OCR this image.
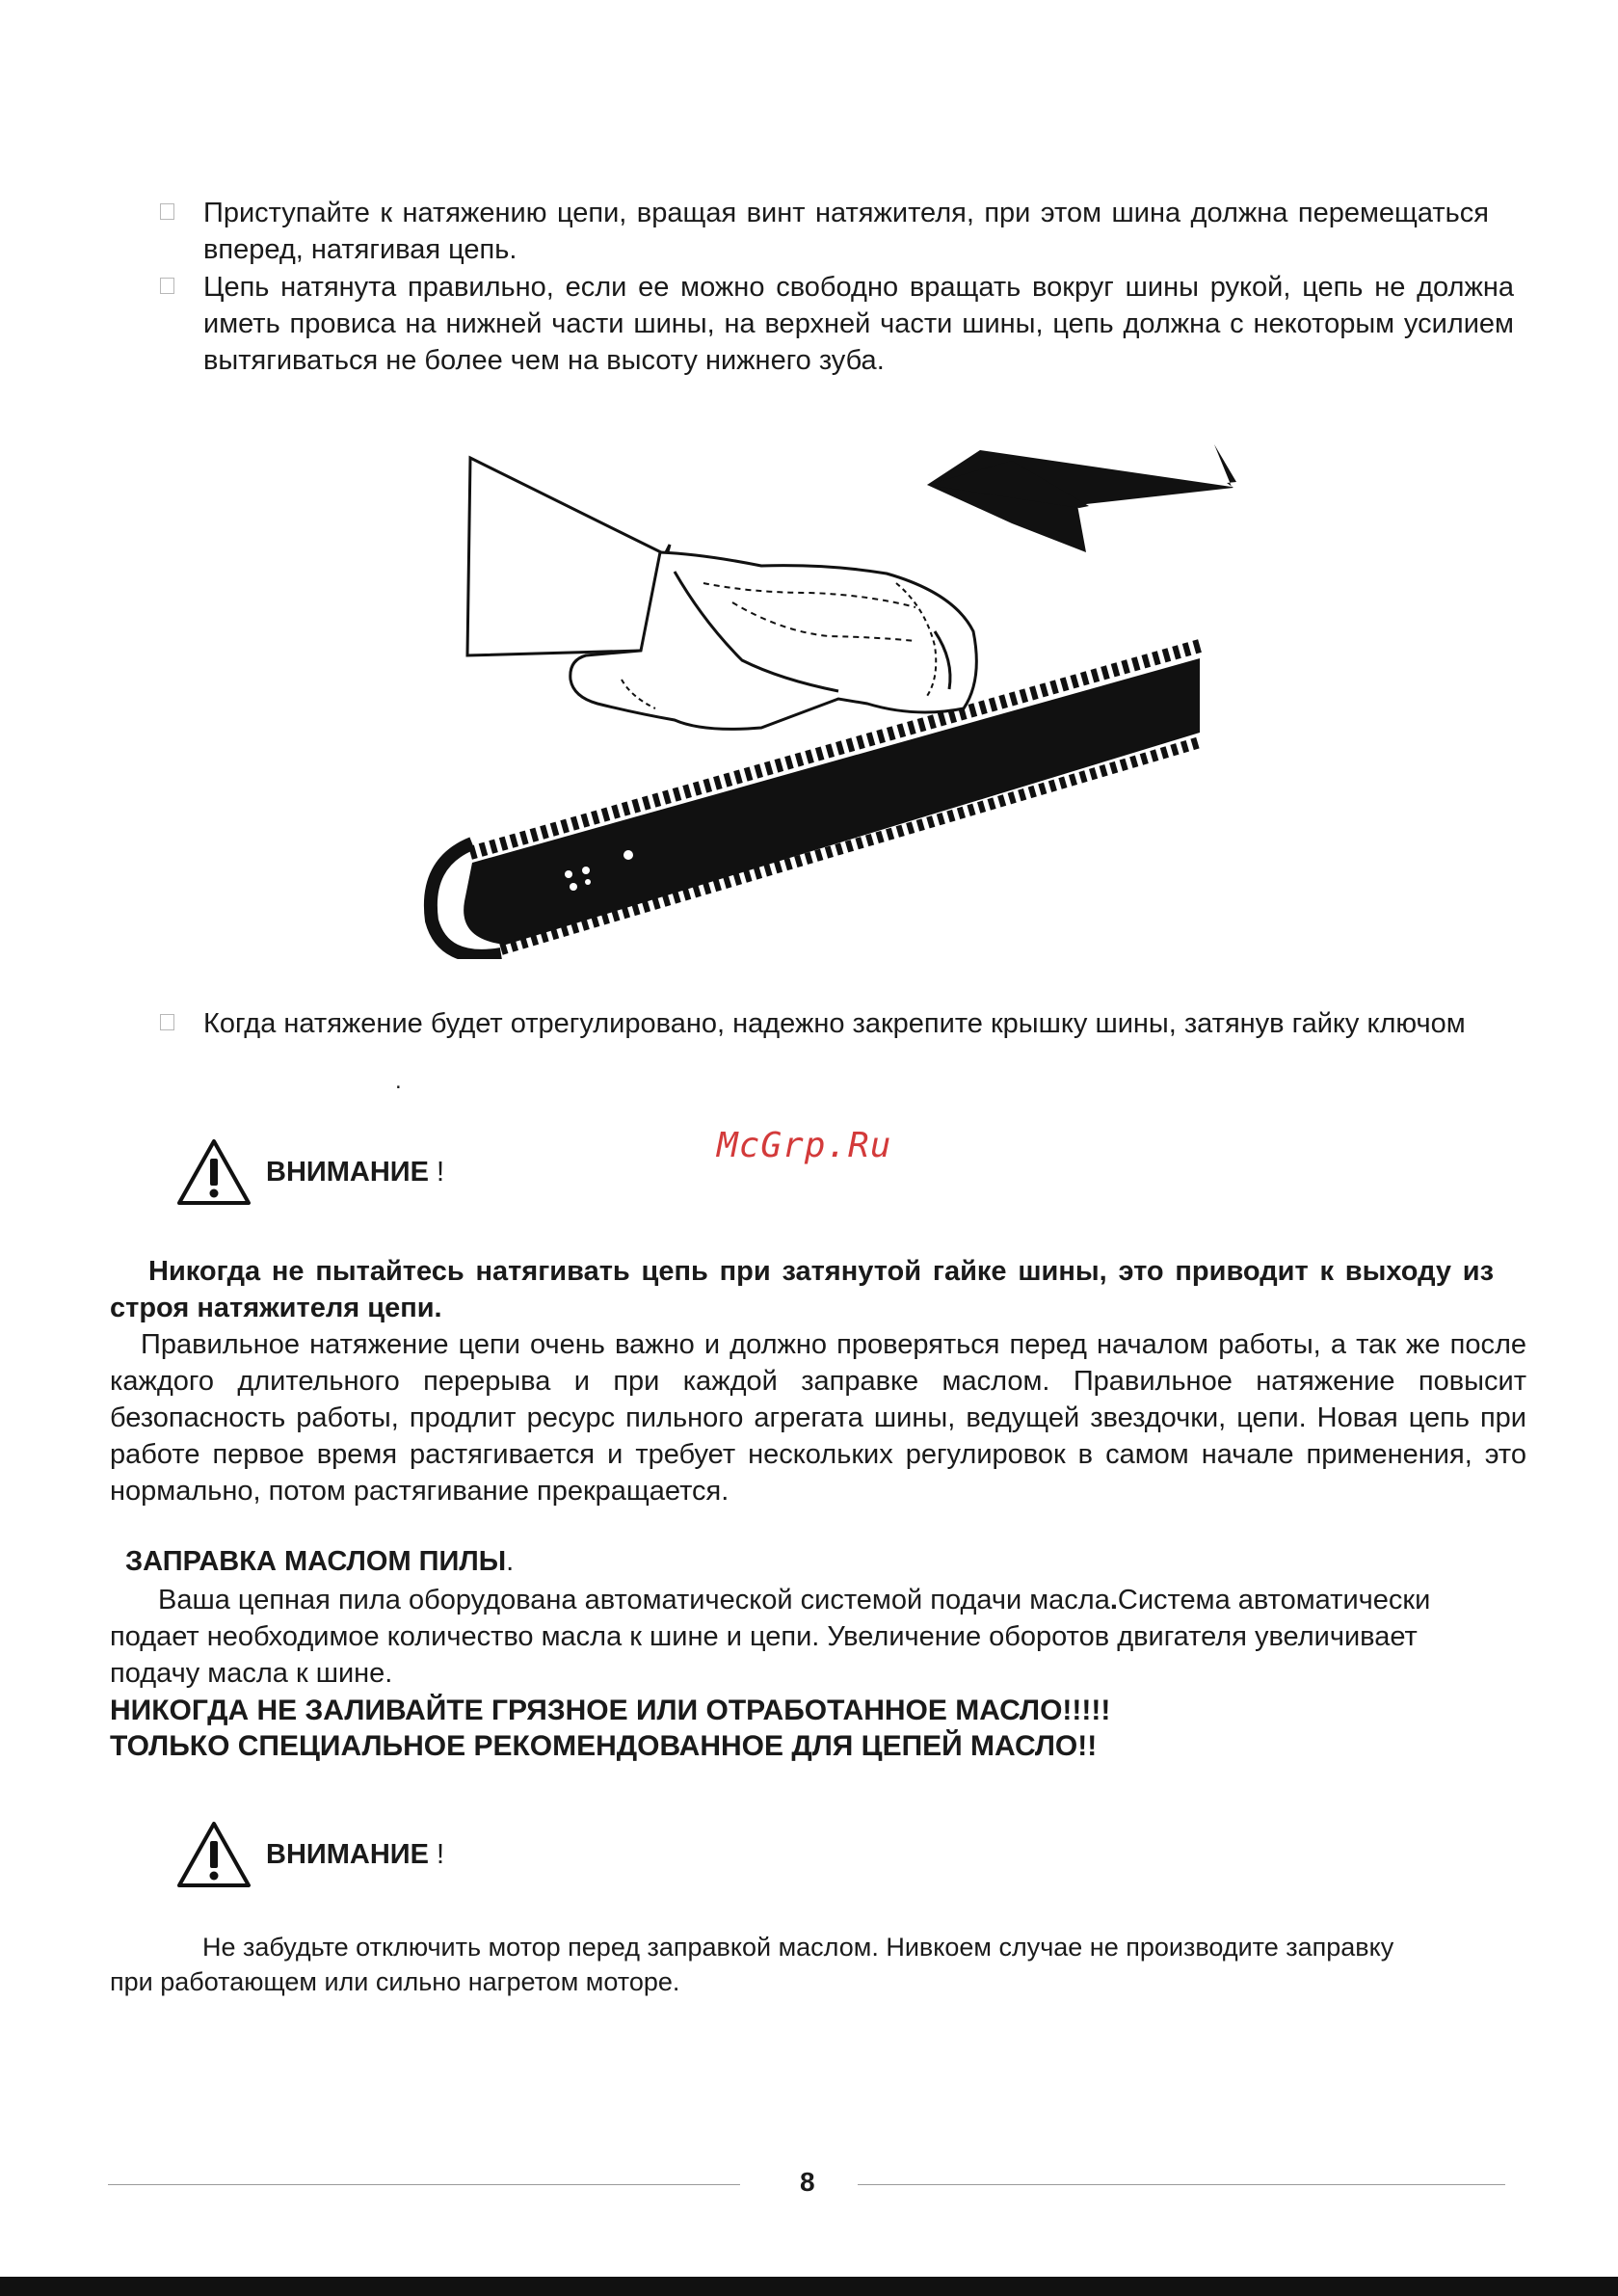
Приступайте к натяжению цепи, вращая винт натяжителя, при этом шина должна перемещаться вперед, натягивая цепь.
Цепь натянута правильно, если ее можно свободно вращать вокруг шины рукой, цепь не должна иметь провиса на нижней части шины, на верхней части шины, цепь должна с некоторым усилием вытягиваться не более чем на высоту нижнего зуба.
Когда натяжение будет отрегулировано, надежно закрепите крышку шины, затянув гайку ключом
.
McGrp.Ru
ВНИМАНИЕ !

Никогда не пытайтесь натягивать цепь при затянутой гайке шины, это приводит к выходу из строя натяжителя цепи.

Правильное натяжение цепи очень важно и должно проверяться перед началом работы, а так же после каждого длительного перерыва и при каждой заправке маслом. Правильное натяжение повысит безопасность работы, продлит ресурс пильного агрегата шины, ведущей звездочки, цепи. Новая цепь при работе первое время растягивается и требует нескольких регулировок в самом начале применения, это нормально, потом растягивание прекращается.

ЗАПРАВКА МАСЛОМ ПИЛЫ.

Ваша цепная пила оборудована автоматической системой подачи масла.Система автоматически подает необходимое количество масла к шине и цепи. Увеличение оборотов двигателя увеличивает подачу масла к шине.

НИКОГДА НЕ ЗАЛИВАЙТЕ ГРЯЗНОЕ ИЛИ ОТРАБОТАННОЕ МАСЛО!!!!!
ТОЛЬКО СПЕЦИАЛЬНОЕ РЕКОМЕНДОВАННОЕ ДЛЯ ЦЕПЕЙ МАСЛО!!
ВНИМАНИЕ !

Не забудьте отключить мотор перед заправкой маслом. Нивкоем случае не производите заправку при работающем или сильно нагретом моторе.

8
